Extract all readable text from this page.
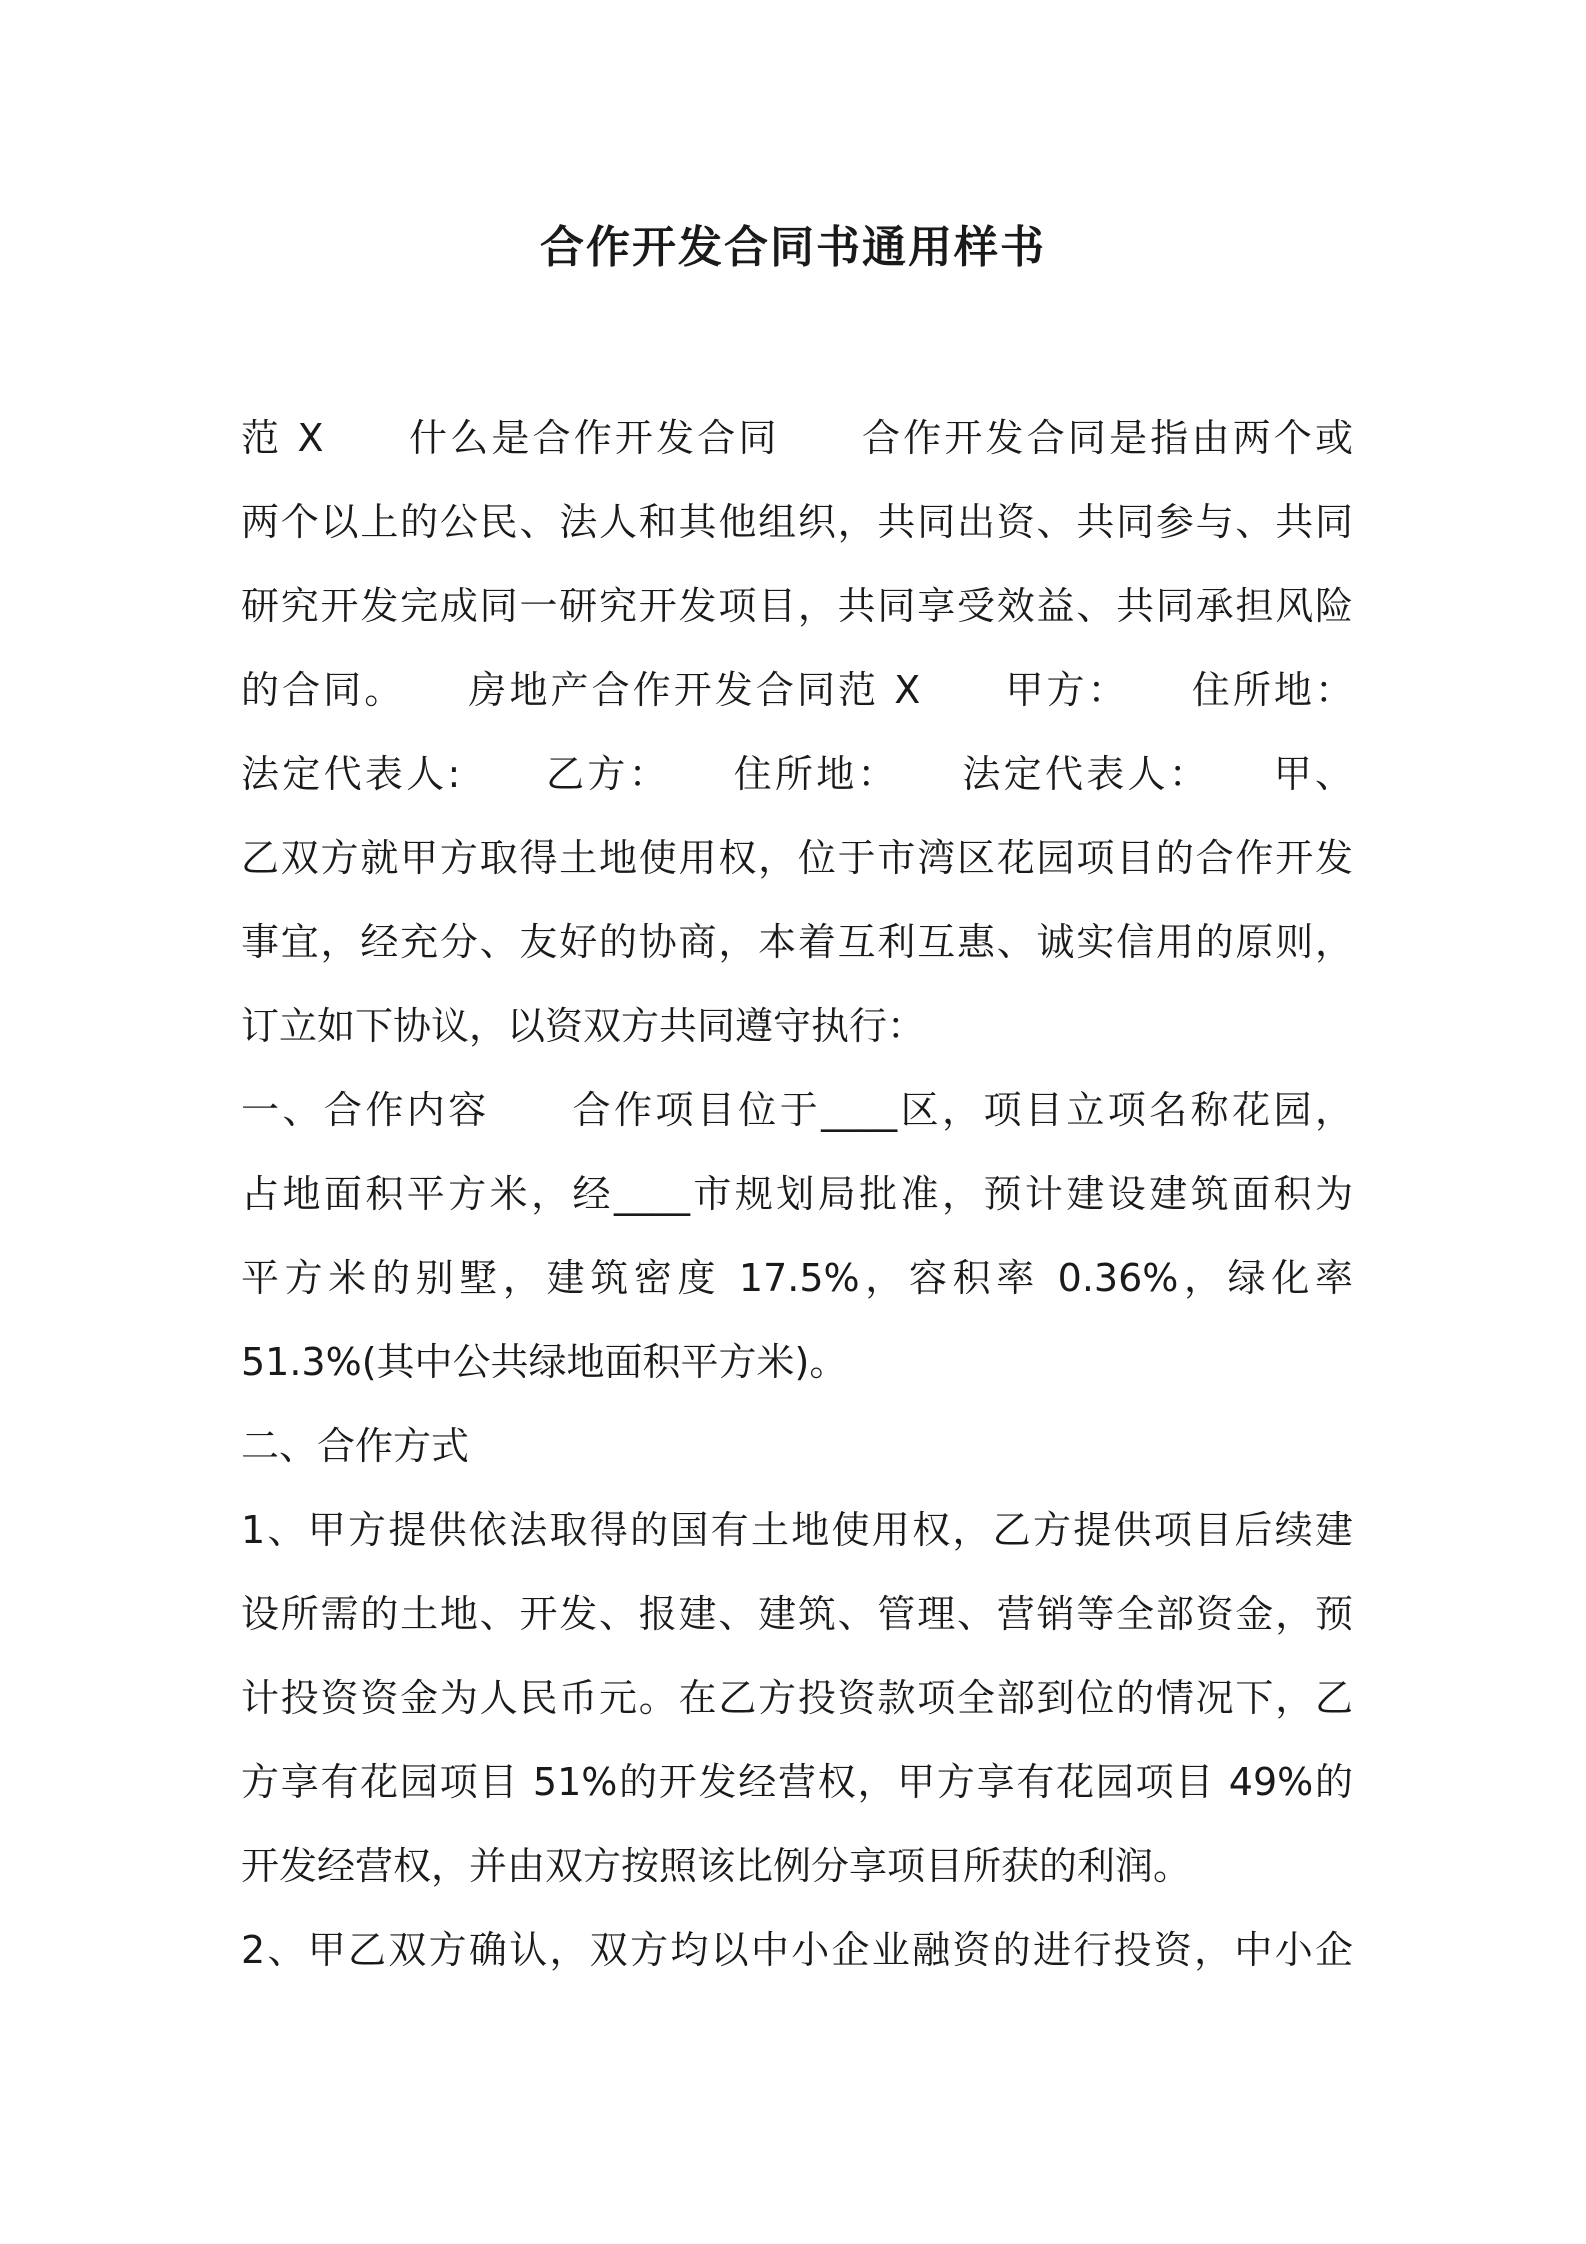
合作开发合同书通用样书
范 X　　什么是合作开发合同　　合作开发合同是指由两个或
两个以上的公民、法人和其他组织，共同出资、共同参与、共同
研究开发完成同一研究开发项目，共同享受效益、共同承担风险
的合同。　　房地产合作开发合同范 X　　甲方：　　住所地：
法定代表人:　　乙方：　　住所地：　　法定代表人：　　甲、
乙双方就甲方取得土地使用权，位于市湾区花园项目的合作开发
事宜，经充分、友好的协商，本着互利互惠、诚实信用的原则，
订立如下协议，以资双方共同遵守执行：
一、合作内容　　合作项目位于____区，项目立项名称花园，
占地面积平方米，经____市规划局批准，预计建设建筑面积为
平方米的别墅，建筑密度 17.5%，容积率 0.36%，绿化率
51.3%(其中公共绿地面积平方米)。
二、合作方式
1、甲方提供依法取得的国有土地使用权，乙方提供项目后续建
设所需的土地、开发、报建、建筑、管理、营销等全部资金，预
计投资资金为人民币元。在乙方投资款项全部到位的情况下，乙
方享有花园项目 51%的开发经营权，甲方享有花园项目 49%的
开发经营权，并由双方按照该比例分享项目所获的利润。
2、甲乙双方确认，双方均以中小企业融资的进行投资，中小企
